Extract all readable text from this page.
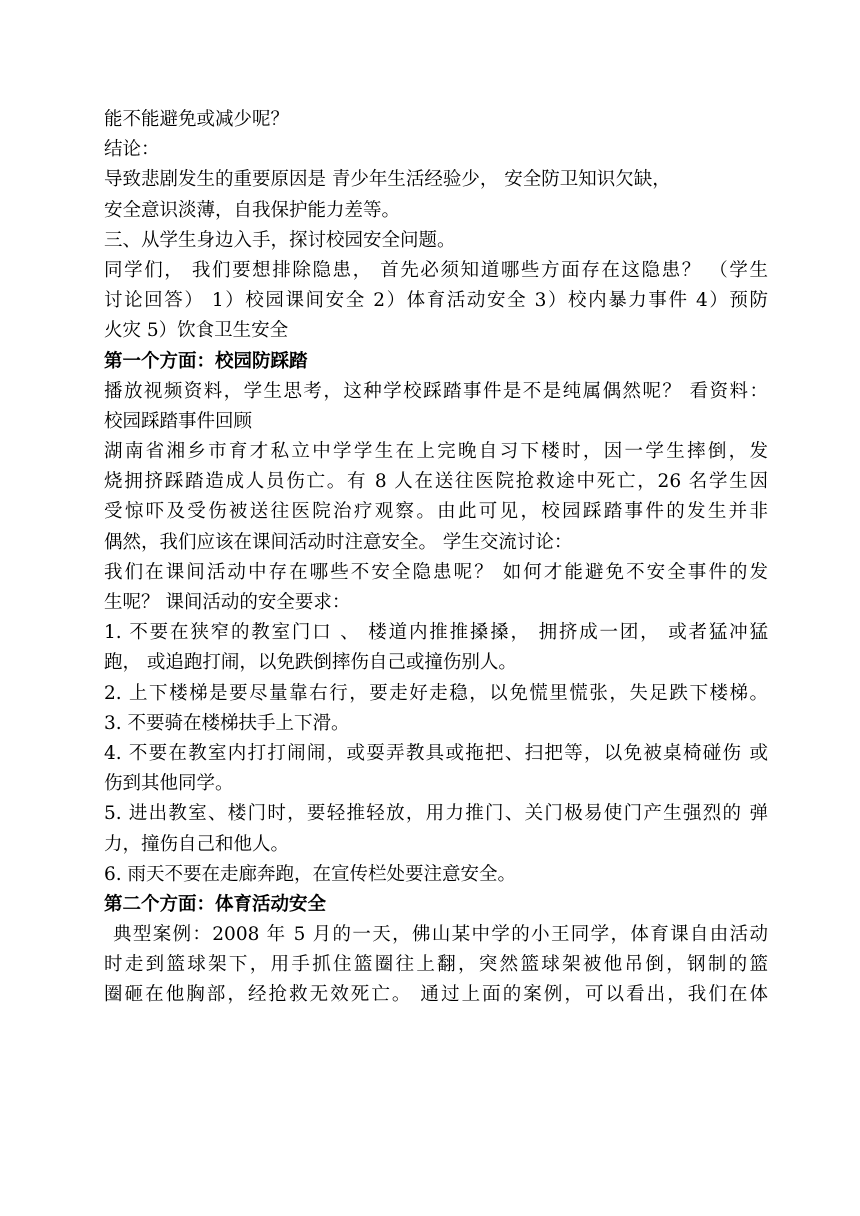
能不能避免或减少呢？
结论：
导致悲剧发生的重要原因是 青少年生活经验少， 安全防卫知识欠缺，
安全意识淡薄，自我保护能力差等。
三、从学生身边入手，探讨校园安全问题。
同学们， 我们要想排除隐患， 首先必须知道哪些方面存在这隐患？ （学生
讨论回答） 1）校园课间安全 2）体育活动安全 3）校内暴力事件 4）预防
火灾 5）饮食卫生安全
第一个方面：校园防踩踏
播放视频资料，学生思考，这种学校踩踏事件是不是纯属偶然呢？ 看资料：
校园踩踏事件回顾
湖南省湘乡市育才私立中学学生在上完晚自习下楼时，因一学生摔倒，发
烧拥挤踩踏造成人员伤亡。有 8 人在送往医院抢救途中死亡，26 名学生因
受惊吓及受伤被送往医院治疗观察。由此可见，校园踩踏事件的发生并非
偶然，我们应该在课间活动时注意安全。 学生交流讨论：
我们在课间活动中存在哪些不安全隐患呢？ 如何才能避免不安全事件的发
生呢？ 课间活动的安全要求：
1. 不要在狭窄的教室门口 、 楼道内推推搡搡， 拥挤成一团， 或者猛冲猛
跑， 或追跑打闹，以免跌倒摔伤自己或撞伤别人。
2. 上下楼梯是要尽量靠右行，要走好走稳，以免慌里慌张，失足跌下楼梯。
3. 不要骑在楼梯扶手上下滑。
4. 不要在教室内打打闹闹，或耍弄教具或拖把、扫把等，以免被桌椅碰伤 或
伤到其他同学。
5. 进出教室、楼门时，要轻推轻放，用力推门、关门极易使门产生强烈的 弹
力，撞伤自己和他人。
6. 雨天不要在走廊奔跑，在宣传栏处要注意安全。
第二个方面：体育活动安全
典型案例：2008 年 5 月的一天，佛山某中学的小王同学，体育课自由活动
时走到篮球架下，用手抓住篮圈往上翻，突然篮球架被他吊倒，钢制的篮
圈砸在他胸部，经抢救无效死亡。 通过上面的案例，可以看出，我们在体
